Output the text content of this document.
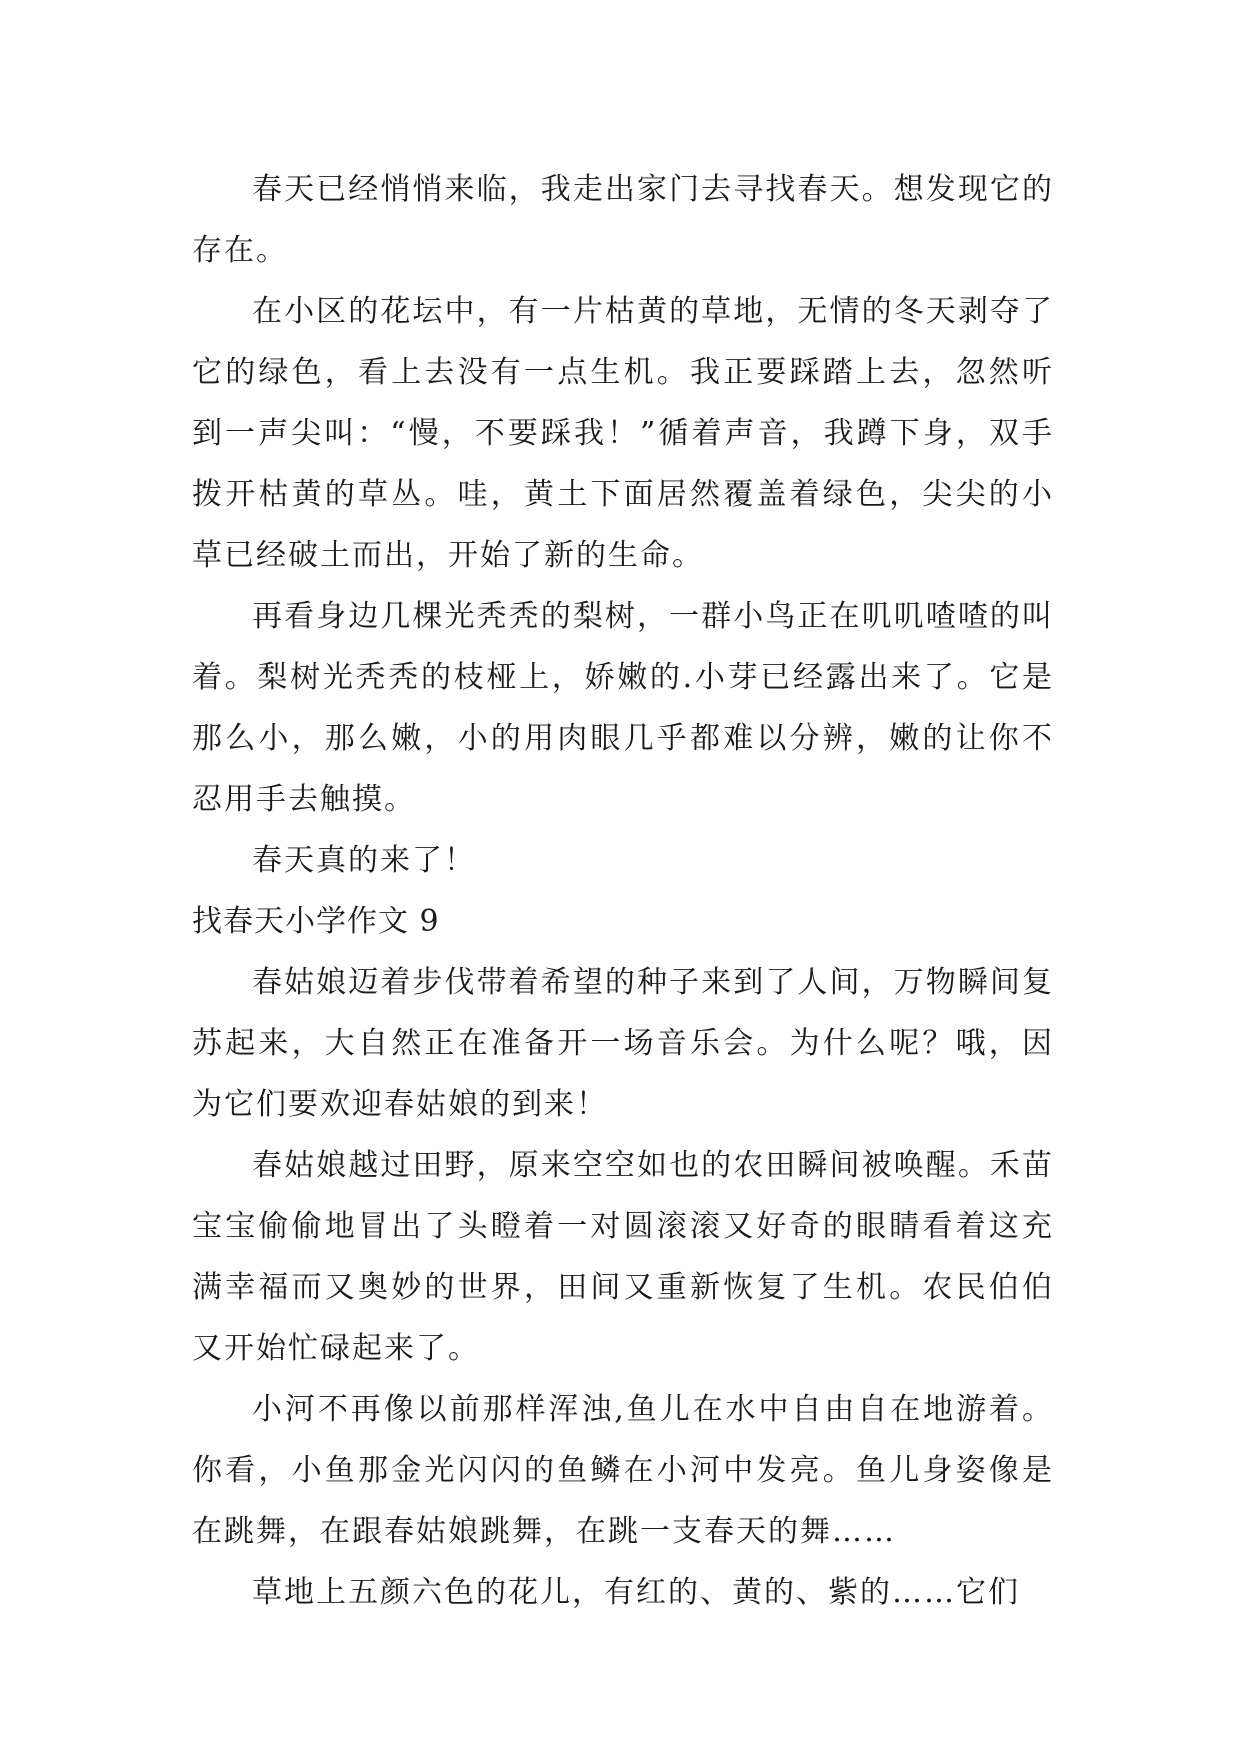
春天已经悄悄来临，我走出家门去寻找春天。想发现它的存在。

在小区的花坛中，有一片枯黄的草地，无情的冬天剥夺了它的绿色，看上去没有一点生机。我正要踩踏上去，忽然听到一声尖叫：“慢，不要踩我！”循着声音，我蹲下身，双手拨开枯黄的草丛。哇，黄土下面居然覆盖着绿色，尖尖的小草已经破土而出，开始了新的生命。

再看身边几棵光秃秃的梨树，一群小鸟正在叽叽喳喳的叫着。梨树光秃秃的枝桠上，娇嫩的.小芽已经露出来了。它是那么小，那么嫩，小的用肉眼几乎都难以分辨，嫩的让你不忍用手去触摸。

春天真的来了！

找春天小学作文 9

春姑娘迈着步伐带着希望的种子来到了人间，万物瞬间复苏起来，大自然正在准备开一场音乐会。为什么呢？哦，因为它们要欢迎春姑娘的到来！

春姑娘越过田野，原来空空如也的农田瞬间被唤醒。禾苗宝宝偷偷地冒出了头瞪着一对圆滚滚又好奇的眼睛看着这充满幸福而又奥妙的世界，田间又重新恢复了生机。农民伯伯又开始忙碌起来了。

小河不再像以前那样浑浊,鱼儿在水中自由自在地游着。你看，小鱼那金光闪闪的鱼鳞在小河中发亮。鱼儿身姿像是在跳舞，在跟春姑娘跳舞，在跳一支春天的舞……

草地上五颜六色的花儿，有红的、黄的、紫的……它们
